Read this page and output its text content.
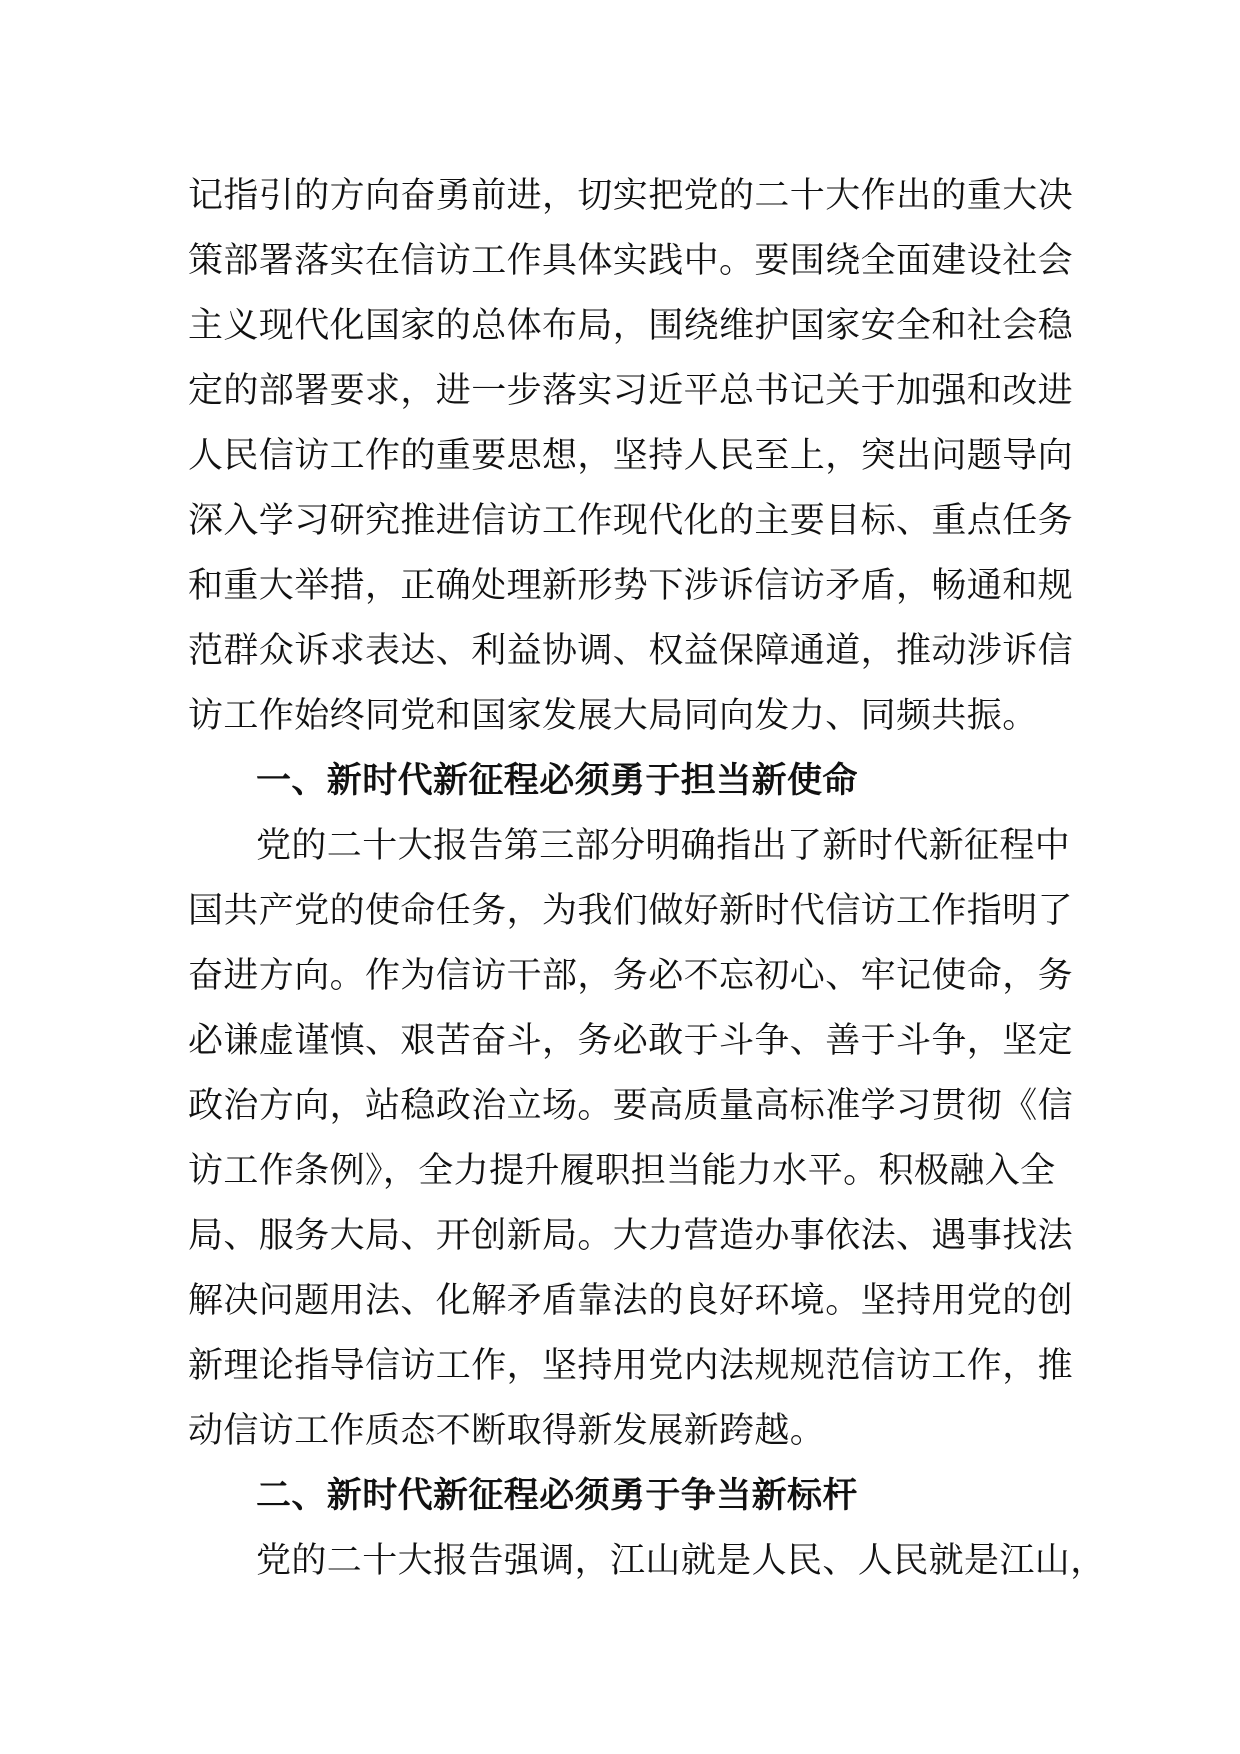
记指引的方向奋勇前进，切实把党的二十大作出的重大决
策部署落实在信访工作具体实践中。要围绕全面建设社会
主义现代化国家的总体布局，围绕维护国家安全和社会稳
定的部署要求，进一步落实习近平总书记关于加强和改进
人民信访工作的重要思想，坚持人民至上，突出问题导向
深入学习研究推进信访工作现代化的主要目标、重点任务
和重大举措，正确处理新形势下涉诉信访矛盾，畅通和规
范群众诉求表达、利益协调、权益保障通道，推动涉诉信
访工作始终同党和国家发展大局同向发力、同频共振。
一、新时代新征程必须勇于担当新使命
党的二十大报告第三部分明确指出了新时代新征程中
国共产党的使命任务，为我们做好新时代信访工作指明了
奋进方向。作为信访干部，务必不忘初心、牢记使命，务
必谦虚谨慎、艰苦奋斗，务必敢于斗争、善于斗争，坚定
政治方向，站稳政治立场。要高质量高标准学习贯彻《信
访工作条例》，全力提升履职担当能力水平。积极融入全
局、服务大局、开创新局。大力营造办事依法、遇事找法
解决问题用法、化解矛盾靠法的良好环境。坚持用党的创
新理论指导信访工作，坚持用党内法规规范信访工作，推
动信访工作质态不断取得新发展新跨越。
二、新时代新征程必须勇于争当新标杆
党的二十大报告强调，江山就是人民、人民就是江山，
